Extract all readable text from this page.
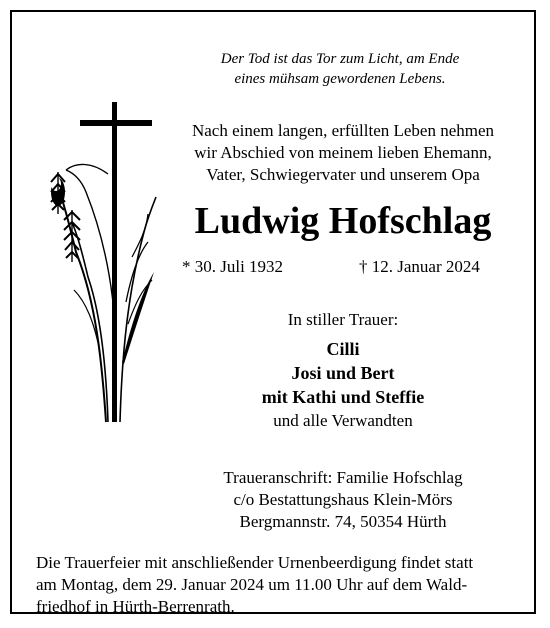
Der Tod ist das Tor zum Licht, am Ende
eines mühsam gewordenen Lebens.
Nach einem langen, erfüllten Leben nehmen
wir Abschied von meinem lieben Ehemann,
Vater, Schwiegervater und unserem Opa
Ludwig Hofschlag
* 30. Juli 1932	† 12. Januar 2024
In stiller Trauer:
Cilli
Josi und Bert
mit Kathi und Steffie
und alle Verwandten
Traueranschrift: Familie Hofschlag
c/o Bestattungshaus Klein-Mörs
Bergmannstr. 74, 50354 Hürth
Die Trauerfeier mit anschließender Urnenbeerdigung findet statt
am Montag, dem 29. Januar 2024 um 11.00 Uhr auf dem Wald-
friedhof in Hürth-Berrenrath.
